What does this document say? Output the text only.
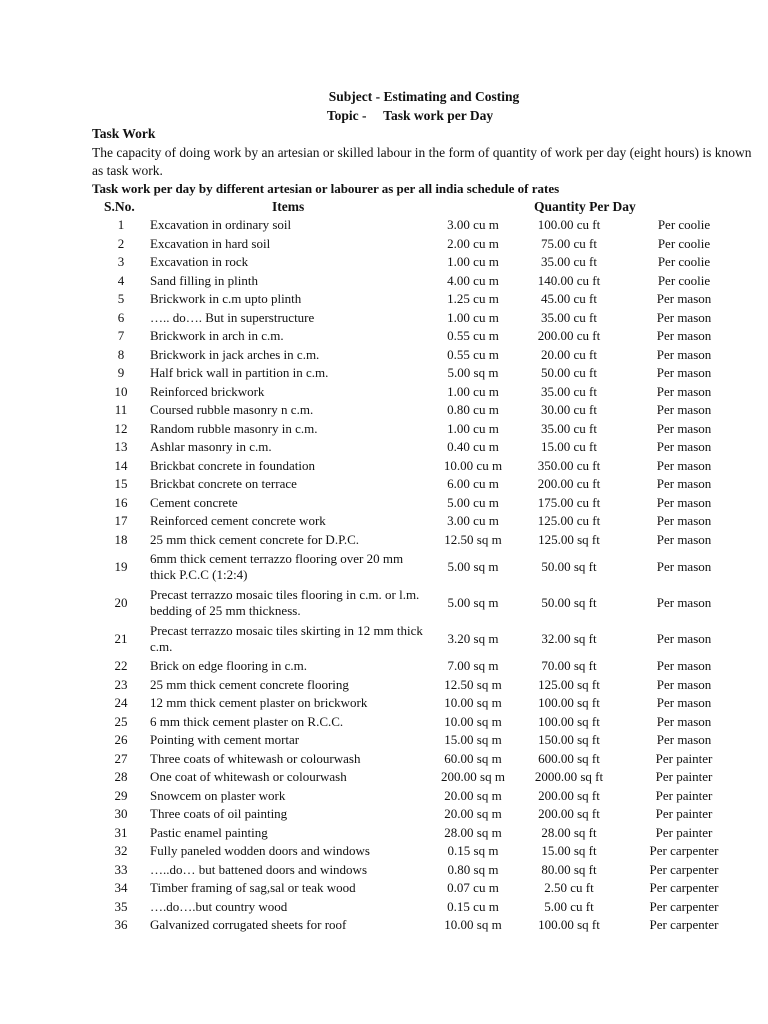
Subject - Estimating and Costing
Topic -     Task work per Day
Task Work
The capacity of doing work by an artesian or skilled labour in the form of quantity of work per day (eight hours) is known as task work.
Task work per day by different artesian or labourer as per all india schedule of rates
S.No.	Items	Quantity Per Day
1	Excavation in ordinary soil	3.00 cu m	100.00 cu ft	Per coolie
2	Excavation in hard soil	2.00 cu m	75.00 cu ft	Per coolie
3	Excavation in rock	1.00 cu m	35.00 cu ft	Per coolie
4	Sand filling in plinth	4.00 cu m	140.00 cu ft	Per coolie
5	Brickwork in c.m upto plinth	1.25 cu m	45.00 cu ft	Per mason
6	….. do…. But in superstructure	1.00 cu m	35.00 cu ft	Per mason
7	Brickwork in arch in c.m.	0.55 cu m	200.00 cu ft	Per mason
8	Brickwork in jack arches in c.m.	0.55 cu m	20.00 cu ft	Per mason
9	Half brick wall in partition in c.m.	5.00 sq m	50.00 cu ft	Per mason
10	Reinforced brickwork	1.00 cu m	35.00 cu ft	Per mason
11	Coursed rubble masonry n c.m.	0.80 cu m	30.00 cu ft	Per mason
12	Random rubble masonry in c.m.	1.00 cu m	35.00 cu ft	Per mason
13	Ashlar masonry in c.m.	0.40 cu m	15.00 cu ft	Per mason
14	Brickbat concrete in foundation	10.00 cu m	350.00 cu ft	Per mason
15	Brickbat concrete on terrace	6.00 cu m	200.00 cu ft	Per mason
16	Cement concrete	5.00 cu m	175.00 cu ft	Per mason
17	Reinforced cement concrete work	3.00 cu m	125.00 cu ft	Per mason
18	25 mm thick cement concrete for D.P.C.	12.50 sq m	125.00 sq ft	Per mason
19	6mm thick cement terrazzo flooring over 20 mm thick P.C.C (1:2:4)	5.00 sq m	50.00 sq ft	Per mason
20	Precast terrazzo mosaic tiles flooring in c.m. or l.m. bedding of 25 mm thickness.	5.00 sq m	50.00 sq ft	Per mason
21	Precast terrazzo mosaic tiles skirting in 12 mm thick c.m.	3.20 sq m	32.00 sq ft	Per mason
22	Brick on edge flooring in c.m.	7.00 sq m	70.00 sq ft	Per mason
23	25 mm thick cement concrete flooring	12.50 sq m	125.00 sq ft	Per mason
24	12 mm thick cement plaster on brickwork	10.00 sq m	100.00 sq ft	Per mason
25	6 mm thick cement plaster on R.C.C.	10.00 sq m	100.00 sq ft	Per mason
26	Pointing with cement mortar	15.00 sq m	150.00 sq ft	Per mason
27	Three coats of whitewash or colourwash	60.00 sq m	600.00 sq ft	Per painter
28	One coat of whitewash or colourwash	200.00 sq m	2000.00 sq ft	Per painter
29	Snowcem on plaster work	20.00 sq m	200.00 sq ft	Per painter
30	Three coats of oil painting	20.00 sq m	200.00 sq ft	Per painter
31	Pastic enamel painting	28.00 sq m	28.00 sq ft	Per painter
32	Fully paneled wodden doors and windows	0.15 sq m	15.00 sq ft	Per carpenter
33	…..do… but battened doors and windows	0.80 sq m	80.00 sq ft	Per carpenter
34	Timber framing of sag,sal or teak wood	0.07 cu m	2.50 cu ft	Per carpenter
35	….do….but country wood	0.15 cu m	5.00 cu ft	Per carpenter
36	Galvanized corrugated sheets for roof	10.00 sq m	100.00 sq ft	Per carpenter
